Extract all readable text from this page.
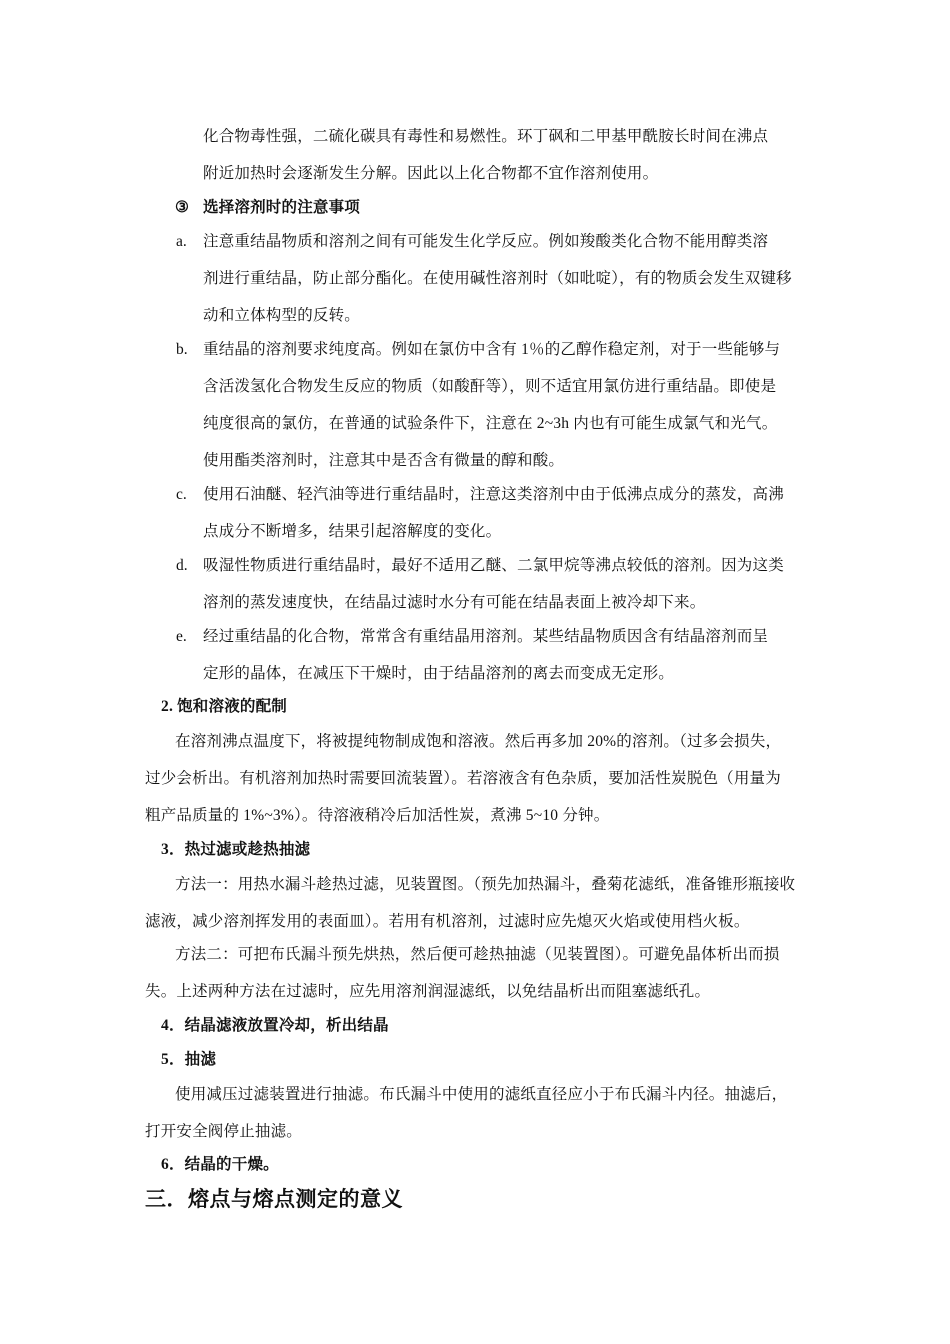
化合物毒性强，二硫化碳具有毒性和易燃性。环丁砜和二甲基甲酰胺长时间在沸点
附近加热时会逐渐发生分解。因此以上化合物都不宜作溶剂使用。
③ 选择溶剂时的注意事项
a. 注意重结晶物质和溶剂之间有可能发生化学反应。例如羧酸类化合物不能用醇类溶
剂进行重结晶，防止部分酯化。在使用碱性溶剂时（如吡啶），有的物质会发生双键移
动和立体构型的反转。
b. 重结晶的溶剂要求纯度高。例如在氯仿中含有 1％的乙醇作稳定剂，对于一些能够与
含活泼氢化合物发生反应的物质（如酸酐等），则不适宜用氯仿进行重结晶。即使是
纯度很高的氯仿，在普通的试验条件下，注意在 2~3h 内也有可能生成氯气和光气。
使用酯类溶剂时，注意其中是否含有微量的醇和酸。
c. 使用石油醚、轻汽油等进行重结晶时，注意这类溶剂中由于低沸点成分的蒸发，高沸
点成分不断增多，结果引起溶解度的变化。
d. 吸湿性物质进行重结晶时，最好不适用乙醚、二氯甲烷等沸点较低的溶剂。因为这类
溶剂的蒸发速度快，在结晶过滤时水分有可能在结晶表面上被冷却下来。
e. 经过重结晶的化合物，常常含有重结晶用溶剂。某些结晶物质因含有结晶溶剂而呈
定形的晶体，在减压下干燥时，由于结晶溶剂的离去而变成无定形。
2. 饱和溶液的配制
在溶剂沸点温度下，将被提纯物制成饱和溶液。然后再多加 20%的溶剂。（过多会损失，
过少会析出。有机溶剂加热时需要回流装置）。若溶液含有色杂质，要加活性炭脱色（用量为
粗产品质量的 1%~3%）。待溶液稍冷后加活性炭，煮沸 5~10 分钟。
3．热过滤或趁热抽滤
方法一：用热水漏斗趁热过滤，见装置图。（预先加热漏斗，叠菊花滤纸，准备锥形瓶接收
滤液，减少溶剂挥发用的表面皿）。若用有机溶剂，过滤时应先熄灭火焰或使用档火板。
方法二：可把布氏漏斗预先烘热，然后便可趁热抽滤（见装置图）。可避免晶体析出而损
失。上述两种方法在过滤时，应先用溶剂润湿滤纸，以免结晶析出而阻塞滤纸孔。
4．结晶滤液放置冷却，析出结晶
5．抽滤
使用减压过滤装置进行抽滤。布氏漏斗中使用的滤纸直径应小于布氏漏斗内径。抽滤后，
打开安全阀停止抽滤。
6．结晶的干燥。
三．熔点与熔点测定的意义
